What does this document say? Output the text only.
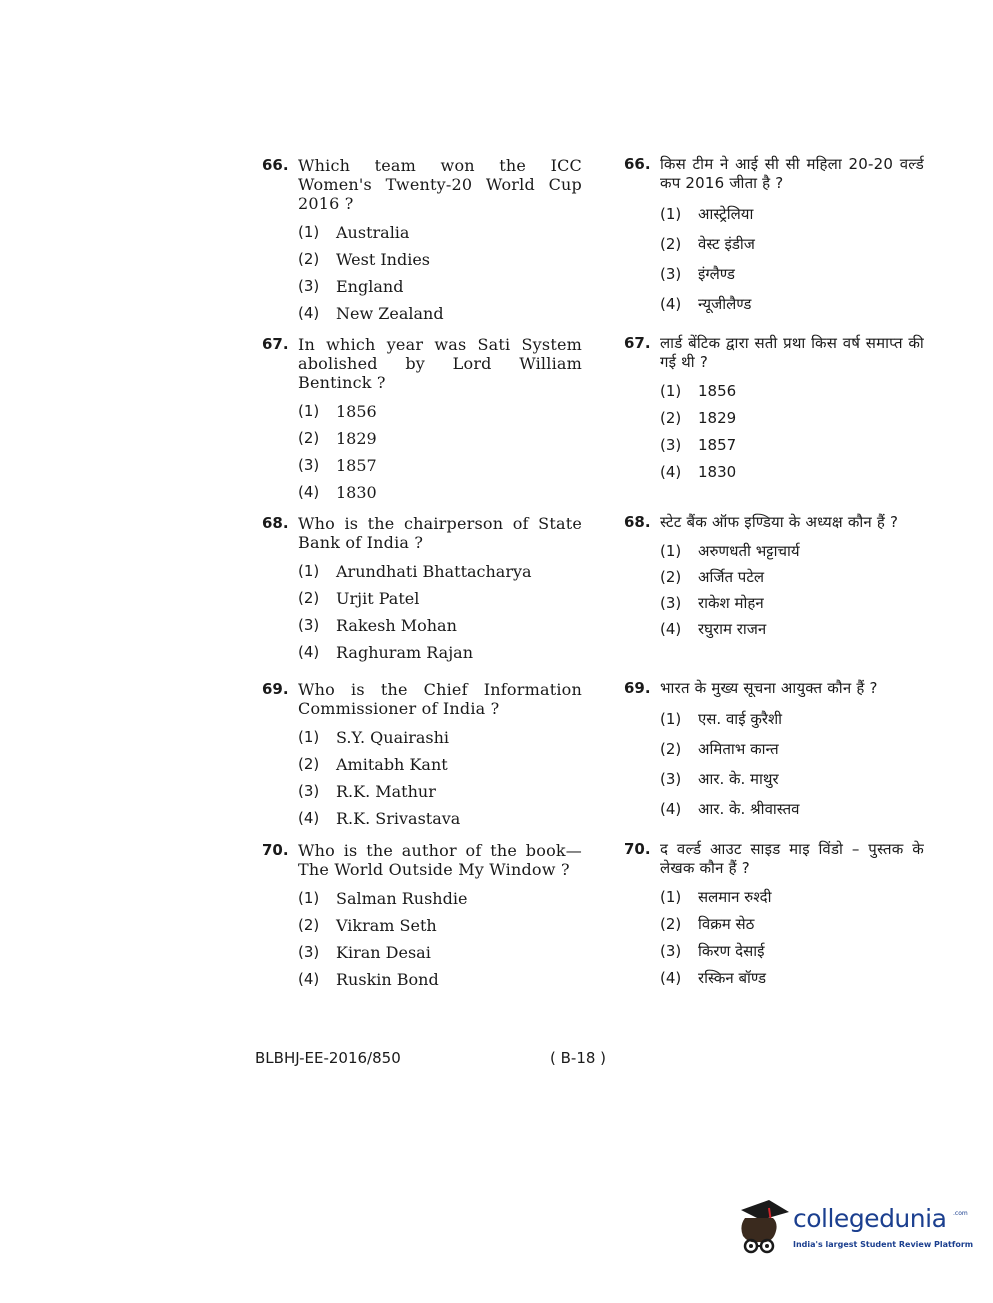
66. Which team won the ICC Women's Twenty-20 World Cup 2016 ?
(1) Australia
(2) West Indies
(3) England
(4) New Zealand
67. In which year was Sati System abolished by Lord William Bentinck ?
(1) 1856
(2) 1829
(3) 1857
(4) 1830
68. Who is the chairperson of State Bank of India ?
(1) Arundhati Bhattacharya
(2) Urjit Patel
(3) Rakesh Mohan
(4) Raghuram Rajan
69. Who is the Chief Information Commissioner of India ?
(1) S.Y. Quairashi
(2) Amitabh Kant
(3) R.K. Mathur
(4) R.K. Srivastava
70. Who is the author of the book— The World Outside My Window ?
(1) Salman Rushdie
(2) Vikram Seth
(3) Kiran Desai
(4) Ruskin Bond
66. किस टीम ने आई सी सी महिला 20-20 वर्ल्ड कप 2016 जीता है ?
(1) आस्ट्रेलिया
(2) वेस्ट इंडीज
(3) इंग्लैण्ड
(4) न्यूजीलैण्ड
67. लार्ड बेंटिक द्वारा सती प्रथा किस वर्ष समाप्त की गई थी ?
(1) 1856
(2) 1829
(3) 1857
(4) 1830
68. स्टेट बैंक ऑफ इण्डिया के अध्यक्ष कौन हैं ?
(1) अरुणधती भट्टाचार्य
(2) अर्जित पटेल
(3) राकेश मोहन
(4) रघुराम राजन
69. भारत के मुख्य सूचना आयुक्त कौन हैं ?
(1) एस. वाई कुरैशी
(2) अमिताभ कान्त
(3) आर. के. माथुर
(4) आर. के. श्रीवास्तव
70. द वर्ल्ड आउट साइड माइ विंडो – पुस्तक के लेखक कौन हैं ?
(1) सलमान रुश्दी
(2) विक्रम सेठ
(3) किरण देसाई
(4) रस्किन बॉण्ड
BLBHJ-EE-2016/850	( B-18 )
collegedunia .com
India's largest Student Review Platform
